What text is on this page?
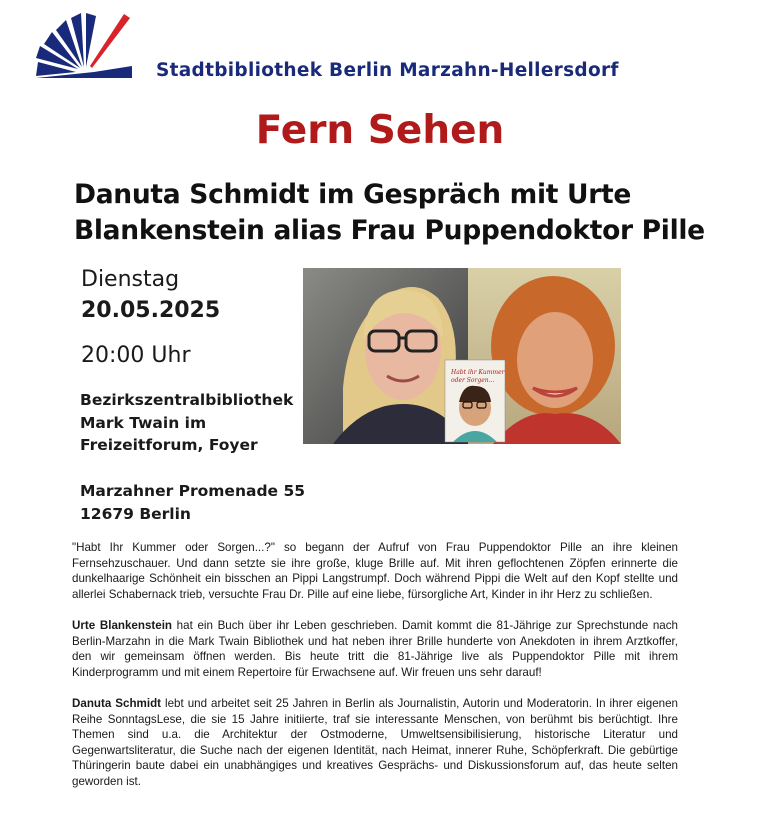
Stadtbibliothek Berlin Marzahn-Hellersdorf
Fern Sehen
Danuta Schmidt im Gespräch mit Urte
Blankenstein alias Frau Puppendoktor Pille
Dienstag
20.05.2025
20:00 Uhr
Bezirkszentralbibliothek
Mark Twain im
Freizeitforum, Foyer
Marzahner Promenade 55
12679 Berlin
Habt ihr Kummer
oder Sorgen...

"Habt Ihr Kummer oder Sorgen...?" so begann der Aufruf von Frau Puppendoktor Pille an ihre kleinen Fernsehzuschauer. Und dann setzte sie ihre große, kluge Brille auf. Mit ihren geflochtenen Zöpfen erinnerte die dunkelhaarige Schönheit ein bisschen an Pippi Langstrumpf. Doch während Pippi die Welt auf den Kopf stellte und allerlei Schabernack trieb, versuchte Frau Dr. Pille auf eine liebe, fürsorgliche Art, Kinder in ihr Herz zu schließen.

Urte Blankenstein hat ein Buch über ihr Leben geschrieben. Damit kommt die 81-Jährige zur Sprechstunde nach Berlin-Marzahn in die Mark Twain Bibliothek und hat neben ihrer Brille hunderte von Anekdoten in ihrem Arztkoffer, den wir gemeinsam öffnen werden. Bis heute tritt die 81-Jährige live als Puppendoktor Pille mit ihrem Kinderprogramm und mit einem Repertoire für Erwachsene auf. Wir freuen uns sehr darauf!

Danuta Schmidt lebt und arbeitet seit 25 Jahren in Berlin als Journalistin, Autorin und Moderatorin. In ihrer eigenen Reihe SonntagsLese, die sie 15 Jahre initiierte, traf sie interessante Menschen, von berühmt bis berüchtigt. Ihre Themen sind u.a. die Architektur der Ostmoderne, Umweltsensibilisierung, historische Literatur und Gegenwartsliteratur, die Suche nach der eigenen Identität, nach Heimat, innerer Ruhe, Schöpferkraft. Die gebürtige Thüringerin baute dabei ein unabhängiges und kreatives Gesprächs- und Diskussionsforum auf, das heute selten geworden ist.
